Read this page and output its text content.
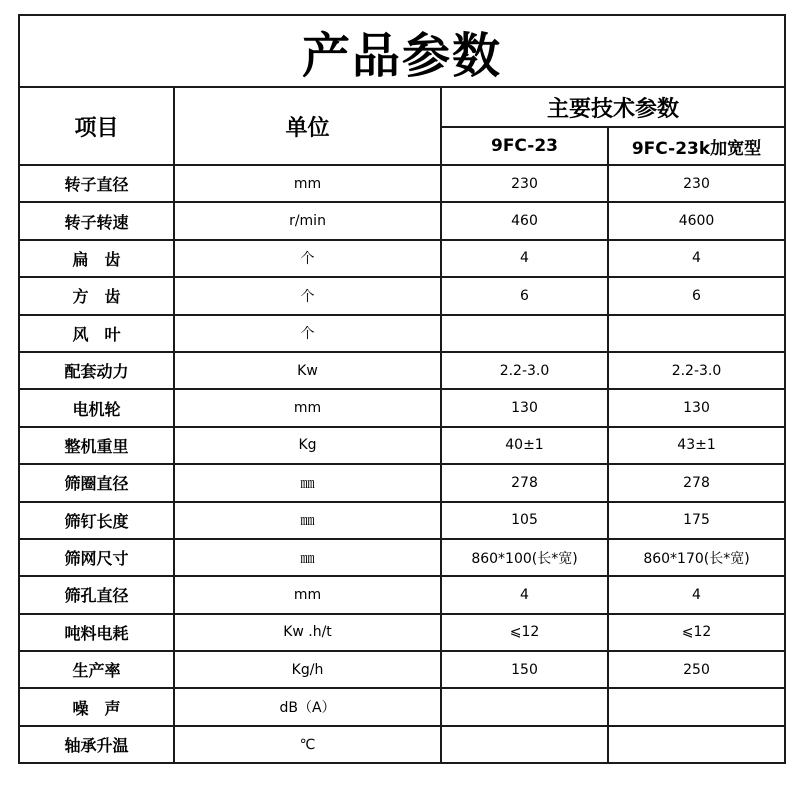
产品参数			
项目	单位	主要技术参数	
		9FC-23	9FC-23k加宽型
转子直径	mm	230	230
转子转速	r/min	460	4600
扁　齿	个	4	4
方　齿	个	6	6
风　叶	个		
配套动力	Kw	2.2-3.0	2.2-3.0
电机轮	mm	130	130
整机重里	Kg	40±1	43±1
筛圈直径	㎜	278	278
筛钉长度	㎜	105	175
筛网尺寸	㎜	860*100(长*宽)	860*170(长*宽)
筛孔直径	mm	4	4
吨料电耗	Kw .h/t	⩽12	⩽12
生产率	Kg/h	150	250
噪　声	dB（A）		
轴承升温	℃		
